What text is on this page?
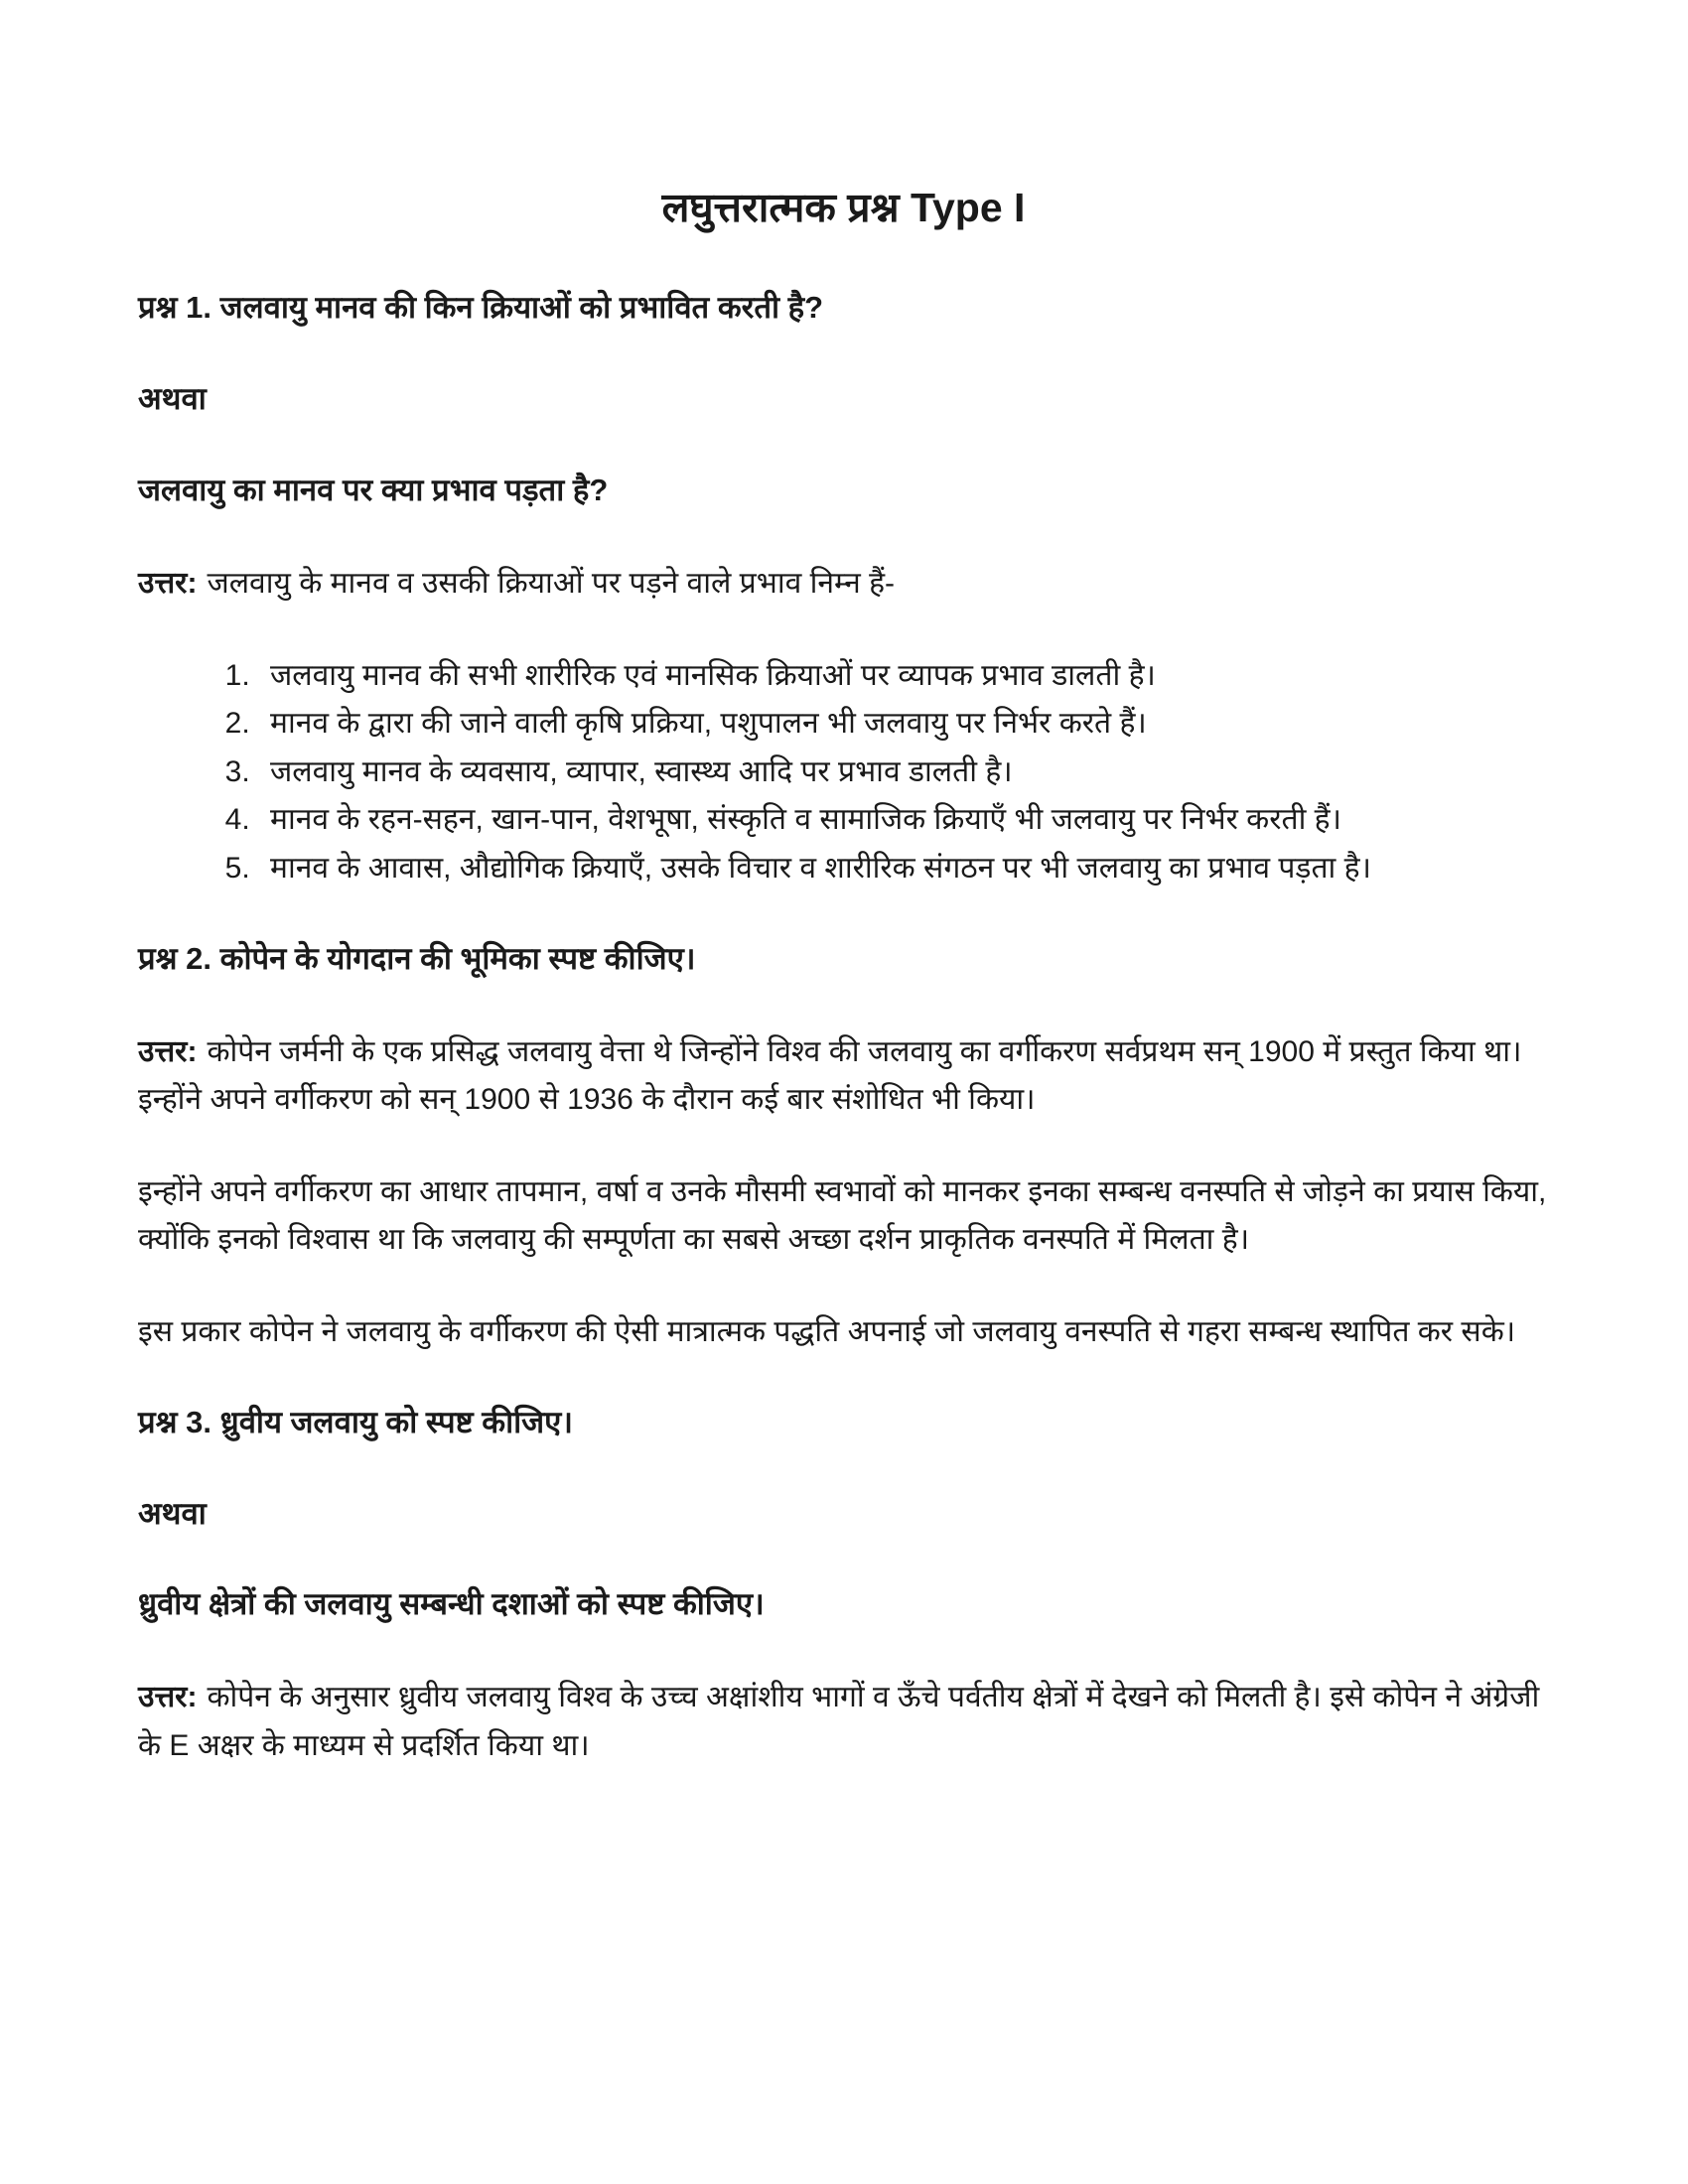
लघुत्तरात्मक प्रश्न Type I
प्रश्न 1. जलवायु मानव की किन क्रियाओं को प्रभावित करती है?

अथवा

जलवायु का मानव पर क्या प्रभाव पड़ता है?

उत्तर: जलवायु के मानव व उसकी क्रियाओं पर पड़ने वाले प्रभाव निम्न हैं-

1. जलवायु मानव की सभी शारीरिक एवं मानसिक क्रियाओं पर व्यापक प्रभाव डालती है।
2. मानव के द्वारा की जाने वाली कृषि प्रक्रिया, पशुपालन भी जलवायु पर निर्भर करते हैं।
3. जलवायु मानव के व्यवसाय, व्यापार, स्वास्थ्य आदि पर प्रभाव डालती है।
4. मानव के रहन-सहन, खान-पान, वेशभूषा, संस्कृति व सामाजिक क्रियाएँ भी जलवायु पर निर्भर करती हैं।
5. मानव के आवास, औद्योगिक क्रियाएँ, उसके विचार व शारीरिक संगठन पर भी जलवायु का प्रभाव पड़ता है।
प्रश्न 2. कोपेन के योगदान की भूमिका स्पष्ट कीजिए।

उत्तर: कोपेन जर्मनी के एक प्रसिद्ध जलवायु वेत्ता थे जिन्होंने विश्व की जलवायु का वर्गीकरण सर्वप्रथम सन् 1900 में प्रस्तुत किया था। इन्होंने अपने वर्गीकरण को सन् 1900 से 1936 के दौरान कई बार संशोधित भी किया।

इन्होंने अपने वर्गीकरण का आधार तापमान, वर्षा व उनके मौसमी स्वभावों को मानकर इनका सम्बन्ध वनस्पति से जोड़ने का प्रयास किया, क्योंकि इनको विश्वास था कि जलवायु की सम्पूर्णता का सबसे अच्छा दर्शन प्राकृतिक वनस्पति में मिलता है।

इस प्रकार कोपेन ने जलवायु के वर्गीकरण की ऐसी मात्रात्मक पद्धति अपनाई जो जलवायु वनस्पति से गहरा सम्बन्ध स्थापित कर सके।

प्रश्न 3. ध्रुवीय जलवायु को स्पष्ट कीजिए।

अथवा

ध्रुवीय क्षेत्रों की जलवायु सम्बन्धी दशाओं को स्पष्ट कीजिए।

उत्तर: कोपेन के अनुसार ध्रुवीय जलवायु विश्व के उच्च अक्षांशीय भागों व ऊँचे पर्वतीय क्षेत्रों में देखने को मिलती है। इसे कोपेन ने अंग्रेजी के E अक्षर के माध्यम से प्रदर्शित किया था।
